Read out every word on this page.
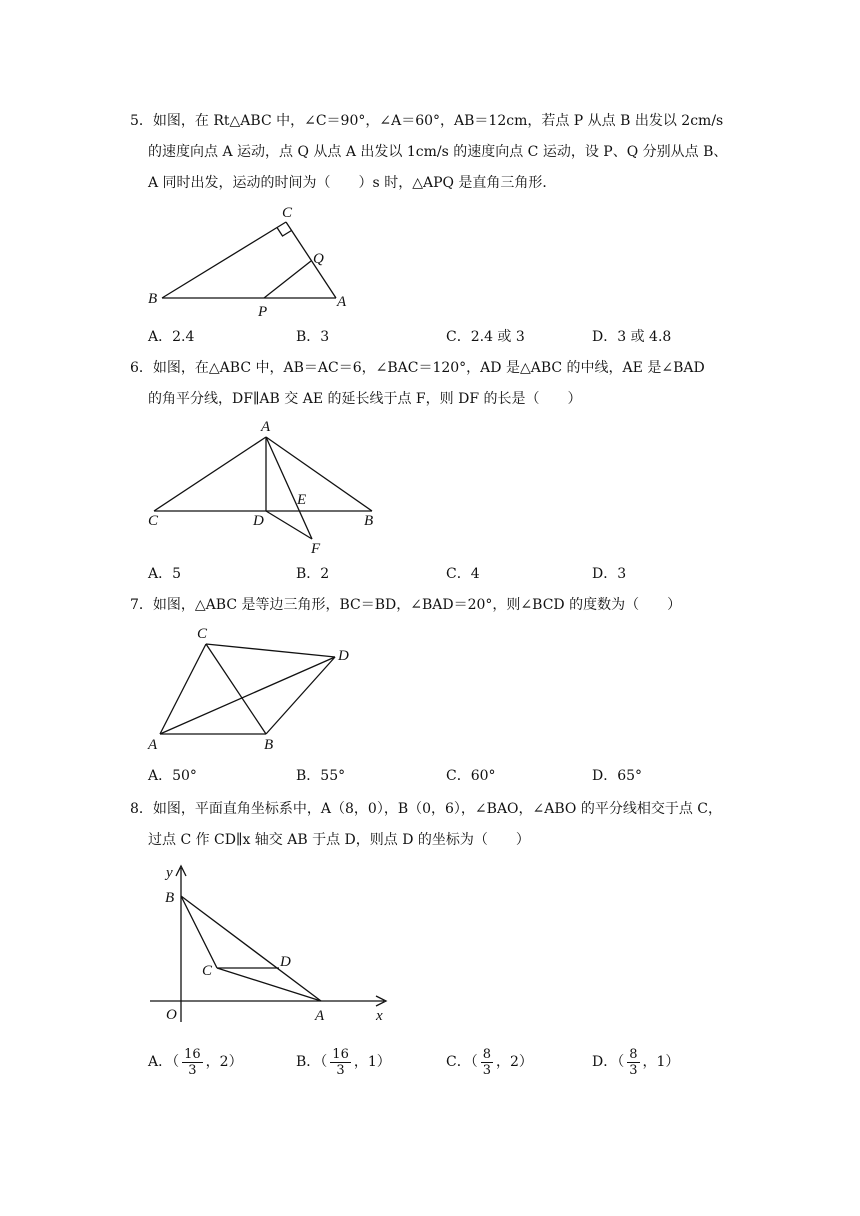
5．如图，在 Rt△ABC 中，∠C＝90°，∠A＝60°，AB＝12cm，若点 P 从点 B 出发以 2cm/s
的速度向点 A 运动，点 Q 从点 A 出发以 1cm/s 的速度向点 C 运动，设 P、Q 分别从点 B、
A 同时出发，运动的时间为（　　）s 时，△APQ 是直角三角形．
C
Q
B	A
P
A．2.4	B．3	C．2.4 或 3	D．3 或 4.8
6．如图，在△ABC 中，AB＝AC＝6，∠BAC＝120°，AD 是△ABC 的中线，AE 是∠BAD
的角平分线，DF∥AB 交 AE 的延长线于点 F，则 DF 的长是（　　）
A
C	D
E
B
F
A．5	B．2	C．4	D．3
7．如图，△ABC 是等边三角形，BC＝BD，∠BAD＝20°，则∠BCD 的度数为（　　）
C
D
A	B
A．50°	B．55°	C．60°	D．65°
8．如图，平面直角坐标系中，A（8，0），B（0，6），∠BAO，∠ABO 的平分线相交于点 C，
过点 C 作 CD∥x 轴交 AB 于点 D，则点 D 的坐标为（　　）
y
B
C
D
O	A	x
A．（ $\frac{16}{3}$ ，2）	B．（ $\frac{16}{3}$ ，1）	C．（ $\frac{8}{3}$ ，2）	D．（ $\frac{8}{3}$ ，1）
